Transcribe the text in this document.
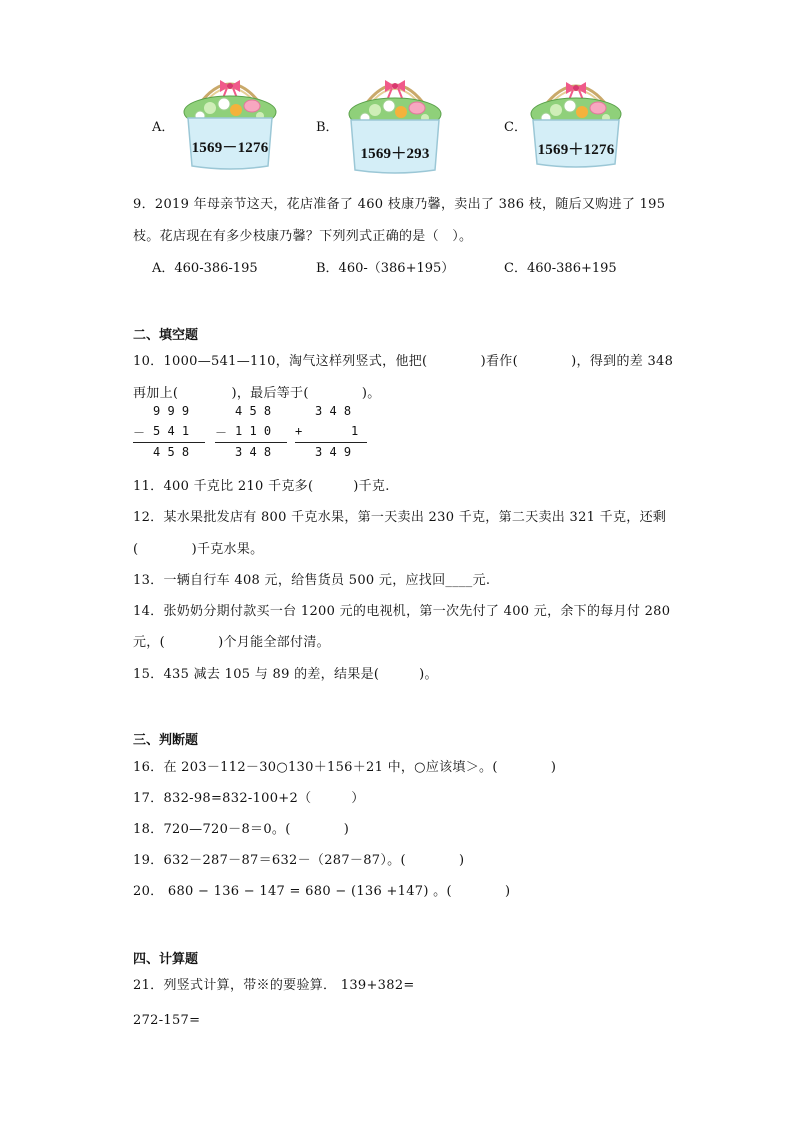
A．
1569－1276
B．
1569＋293
C．
1569＋1276
9．2019 年母亲节这天，花店准备了 460 枝康乃馨，卖出了 386 枝，随后又购进了 195
枝。花店现在有多少枝康乃馨？下列列式正确的是（　）。
A．460-386-195	B．460-（386+195）	C．460-386+195
二、填空题
10．1000—541—110，淘气这样列竖式，他把(　　　　)看作(　　　　)，得到的差 348
再加上(　　　　)，最后等于(　　　　)。
9 9 9
－ 5 4 1
4 5 8
4 5 8
－ 1 1 0
3 4 8
3 4 8
+	1
3 4 9
11．400 千克比 210 千克多(　　　)千克.
12．某水果批发店有 800 千克水果，第一天卖出 230 千克，第二天卖出 321 千克，还剩
(　　　　)千克水果。
13．一辆自行车 408 元，给售货员 500 元，应找回____元.
14．张奶奶分期付款买一台 1200 元的电视机，第一次先付了 400 元，余下的每月付 280
元，(　　　　)个月能全部付清。
15．435 减去 105 与 89 的差，结果是(　　　)。
三、判断题
16．在 203－112－30○130＋156＋21 中，○应该填＞。(　　　　)
17．832-98=832-100+2（　　　）
18．720—720－8＝0。(　　　　)
19．632－287－87＝632－（287－87）。(　　　　)
20． 680 − 136 − 147 = 680 − (136 +147) 。(　　　　)
四、计算题
21．列竖式计算，带※的要验算． 139+382=
272-157=
